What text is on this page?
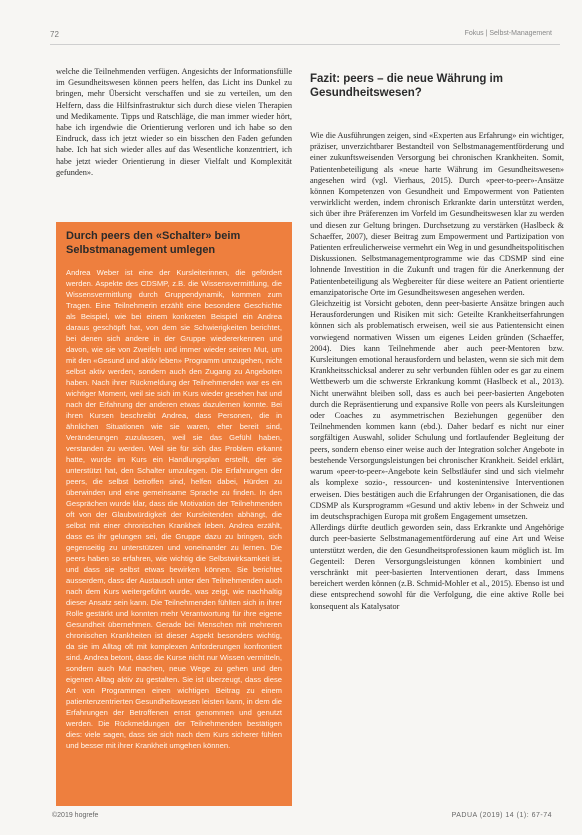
72	Fokus | Selbst-Management

welche die Teilnehmenden verfügen. Angesichts der Informationsfülle im Gesundheitswesen können peers helfen, das Licht ins Dunkel zu bringen, mehr Übersicht verschaffen und sie zu verteilen, um den Helfern, dass die Hilfsinfrastruktur sich durch diese vielen Therapien und Medikamente. Tipps und Ratschläge, die man immer wieder hört, habe ich irgendwie die Orientierung verloren und ich habe so den Eindruck, dass ich jetzt wieder so ein bisschen den Faden gefunden habe. Ich hat sich wieder alles auf das Wesentliche konzentriert, ich habe jetzt wieder Orientierung in dieser Vielfalt und Komplexität gefunden».

Durch peers den «Schalter» beim Selbstmanagement umlegen

Andrea Weber ist eine der Kursleiterinnen, die gefördert werden. Aspekte des CDSMP, z.B. die Wissensvermittlung, die Wissensvermittlung durch Gruppendynamik, kommen zum Tragen. Eine Teilnehmerin erzählt eine besondere Geschichte als Beispiel, wie bei einem konkreten Beispiel ein Andrea daraus geschöpft hat, von dem sie Schwierigkeiten berichtet, bei denen sich andere in der Gruppe wiedererkennen und davon, wie sie von Zweifeln und immer wieder seinen Mut, um mit den «Gesund und aktiv leben» Programm umzugehen, nicht selbst aktiv werden, sondern auch den Zugang zu Angeboten haben. Nach ihrer Rückmeldung der Teilnehmenden war es ein wichtiger Moment, weil sie sich im Kurs wieder gesehen hat und nach der Erfahrung der anderen etwas dazulernen konnte. Bei ihren Kursen beschreibt Andrea, dass Personen, die in ähnlichen Situationen wie sie waren, eher bereit sind, Veränderungen zuzulassen, weil sie das Gefühl haben, verstanden zu werden. Weil sie für sich das Problem erkannt hatte, wurde im Kurs ein Handlungsplan erstellt, der sie unterstützt hat, den Schalter umzulegen. Die Erfahrungen der peers, die selbst betroffen sind, helfen dabei, Hürden zu überwinden und eine gemeinsame Sprache zu finden. In den Gesprächen wurde klar, dass die Motivation der Teilnehmenden oft von der Glaubwürdigkeit der Kursleitenden abhängt, die selbst mit einer chronischen Krankheit leben. Andrea erzählt, dass es ihr gelungen sei, die Gruppe dazu zu bringen, sich gegenseitig zu unterstützen und voneinander zu lernen. Die peers haben so erfahren, wie wichtig die Selbstwirksamkeit ist, und dass sie selbst etwas bewirken können. Sie berichtet ausserdem, dass der Austausch unter den Teilnehmenden auch nach dem Kurs weitergeführt wurde, was zeigt, wie nachhaltig dieser Ansatz sein kann. Die Teilnehmenden fühlten sich in ihrer Rolle gestärkt und konnten mehr Verantwortung für ihre eigene Gesundheit übernehmen. Gerade bei Menschen mit mehreren chronischen Krankheiten ist dieser Aspekt besonders wichtig, da sie im Alltag oft mit komplexen Anforderungen konfrontiert sind. Andrea betont, dass die Kurse nicht nur Wissen vermitteln, sondern auch Mut machen, neue Wege zu gehen und den eigenen Alltag aktiv zu gestalten. Sie ist überzeugt, dass diese Art von Programmen einen wichtigen Beitrag zu einem patientenzentrierten Gesundheitswesen leisten kann, in dem die Erfahrungen der Betroffenen ernst genommen und genutzt werden. Die Rückmeldungen der Teilnehmenden bestätigen dies: viele sagen, dass sie sich nach dem Kurs sicherer fühlen und besser mit ihrer Krankheit umgehen können.

Fazit: peers – die neue Währung im Gesundheitswesen?

Wie die Ausführungen zeigen, sind «Experten aus Erfahrung» ein wichtiger, präziser, unverzichtbarer Bestandteil von Selbstmanagementförderung und einer zukunftsweisenden Versorgung bei chronischen Krankheiten. Somit, Patientenbeteiligung als «neue harte Währung im Gesundheitswesen» angesehen wird (vgl. Vierhaus, 2015). Durch «peer-to-peer»-Ansätze können Kompetenzen von Gesundheit und Empowerment von Patienten verwirklicht werden, indem chronisch Erkrankte darin unterstützt werden, sich über ihre Präferenzen im Vorfeld im Gesundheitswesen klar zu werden und diesen zur Geltung bringen. Durchsetzung zu verstärken (Haslbeck & Schaeffer, 2007), dieser Beitrag zum Empowerment und Partizipation von Patienten erfreulicherweise vermehrt ein Weg in und gesundheitspolitischen Diskussionen. Selbstmanagementprogramme wie das CDSMP sind eine lohnende Investition in die Zukunft und tragen für die Anerkennung der Patientenbeteiligung als Wegbereiter für diese weitere an Patient orientierte emanzipatorische Orte im Gesundheitswesen angesehen werden.

Gleichzeitig ist Vorsicht geboten, denn peer-basierte Ansätze bringen auch Herausforderungen und Risiken mit sich: Geteilte Krankheitserfahrungen können sich als problematisch erweisen, weil sie aus Patientensicht einen vorwiegend normativen Wissen um eigenes Leiden gründen (Schaeffer, 2004). Dies kann Teilnehmende aber auch peer-Mentoren bzw. Kursleitungen emotional herausfordern und belasten, wenn sie sich mit dem Krankheitsschicksal anderer zu sehr verbunden fühlen oder es gar zu einem Wettbewerb um die schwerste Erkrankung kommt (Haslbeck et al., 2013). Nicht unerwähnt bleiben soll, dass es auch bei peer-basierten Angeboten durch die Repräsentierung und expansive Rolle von peers als Kursleitungen oder Coaches zu asymmetrischen Beziehungen gegenüber den Teilnehmenden kommen kann (ebd.). Daher bedarf es nicht nur einer sorgfältigen Auswahl, solider Schulung und fortlaufender Begleitung der peers, sondern ebenso einer weise auch der Integration solcher Angebote in bestehende Versorgungsleistungen bei chronischer Krankheit. Seidel erklärt, warum «peer-to-peer»-Angebote kein Selbstläufer sind und sich vielmehr als komplexe sozio-, ressourcen- und kostenintensive Interventionen erweisen. Dies bestätigen auch die Erfahrungen der Organisationen, die das CDSMP als Kursprogramm «Gesund und aktiv leben» in der Schweiz und im deutschsprachigen Europa mit großem Engagement umsetzen.

Allerdings dürfte deutlich geworden sein, dass Erkrankte und Angehörige durch peer-basierte Selbstmanagementförderung auf eine Art und Weise unterstützt werden, die den Gesundheitsprofessionen kaum möglich ist. Im Gegenteil: Deren Versorgungsleistungen können kombiniert und verschränkt mit peer-basierten Interventionen derart, dass Immens bereichert werden können (z.B. Schmid-Mohler et al., 2015). Ebenso ist und diese entsprechend sowohl für die Verfolgung, die eine aktive Rolle bei konsequent als Katalysator

©2019 hogrefe	PADUA (2019) 14 (1): 67-74
